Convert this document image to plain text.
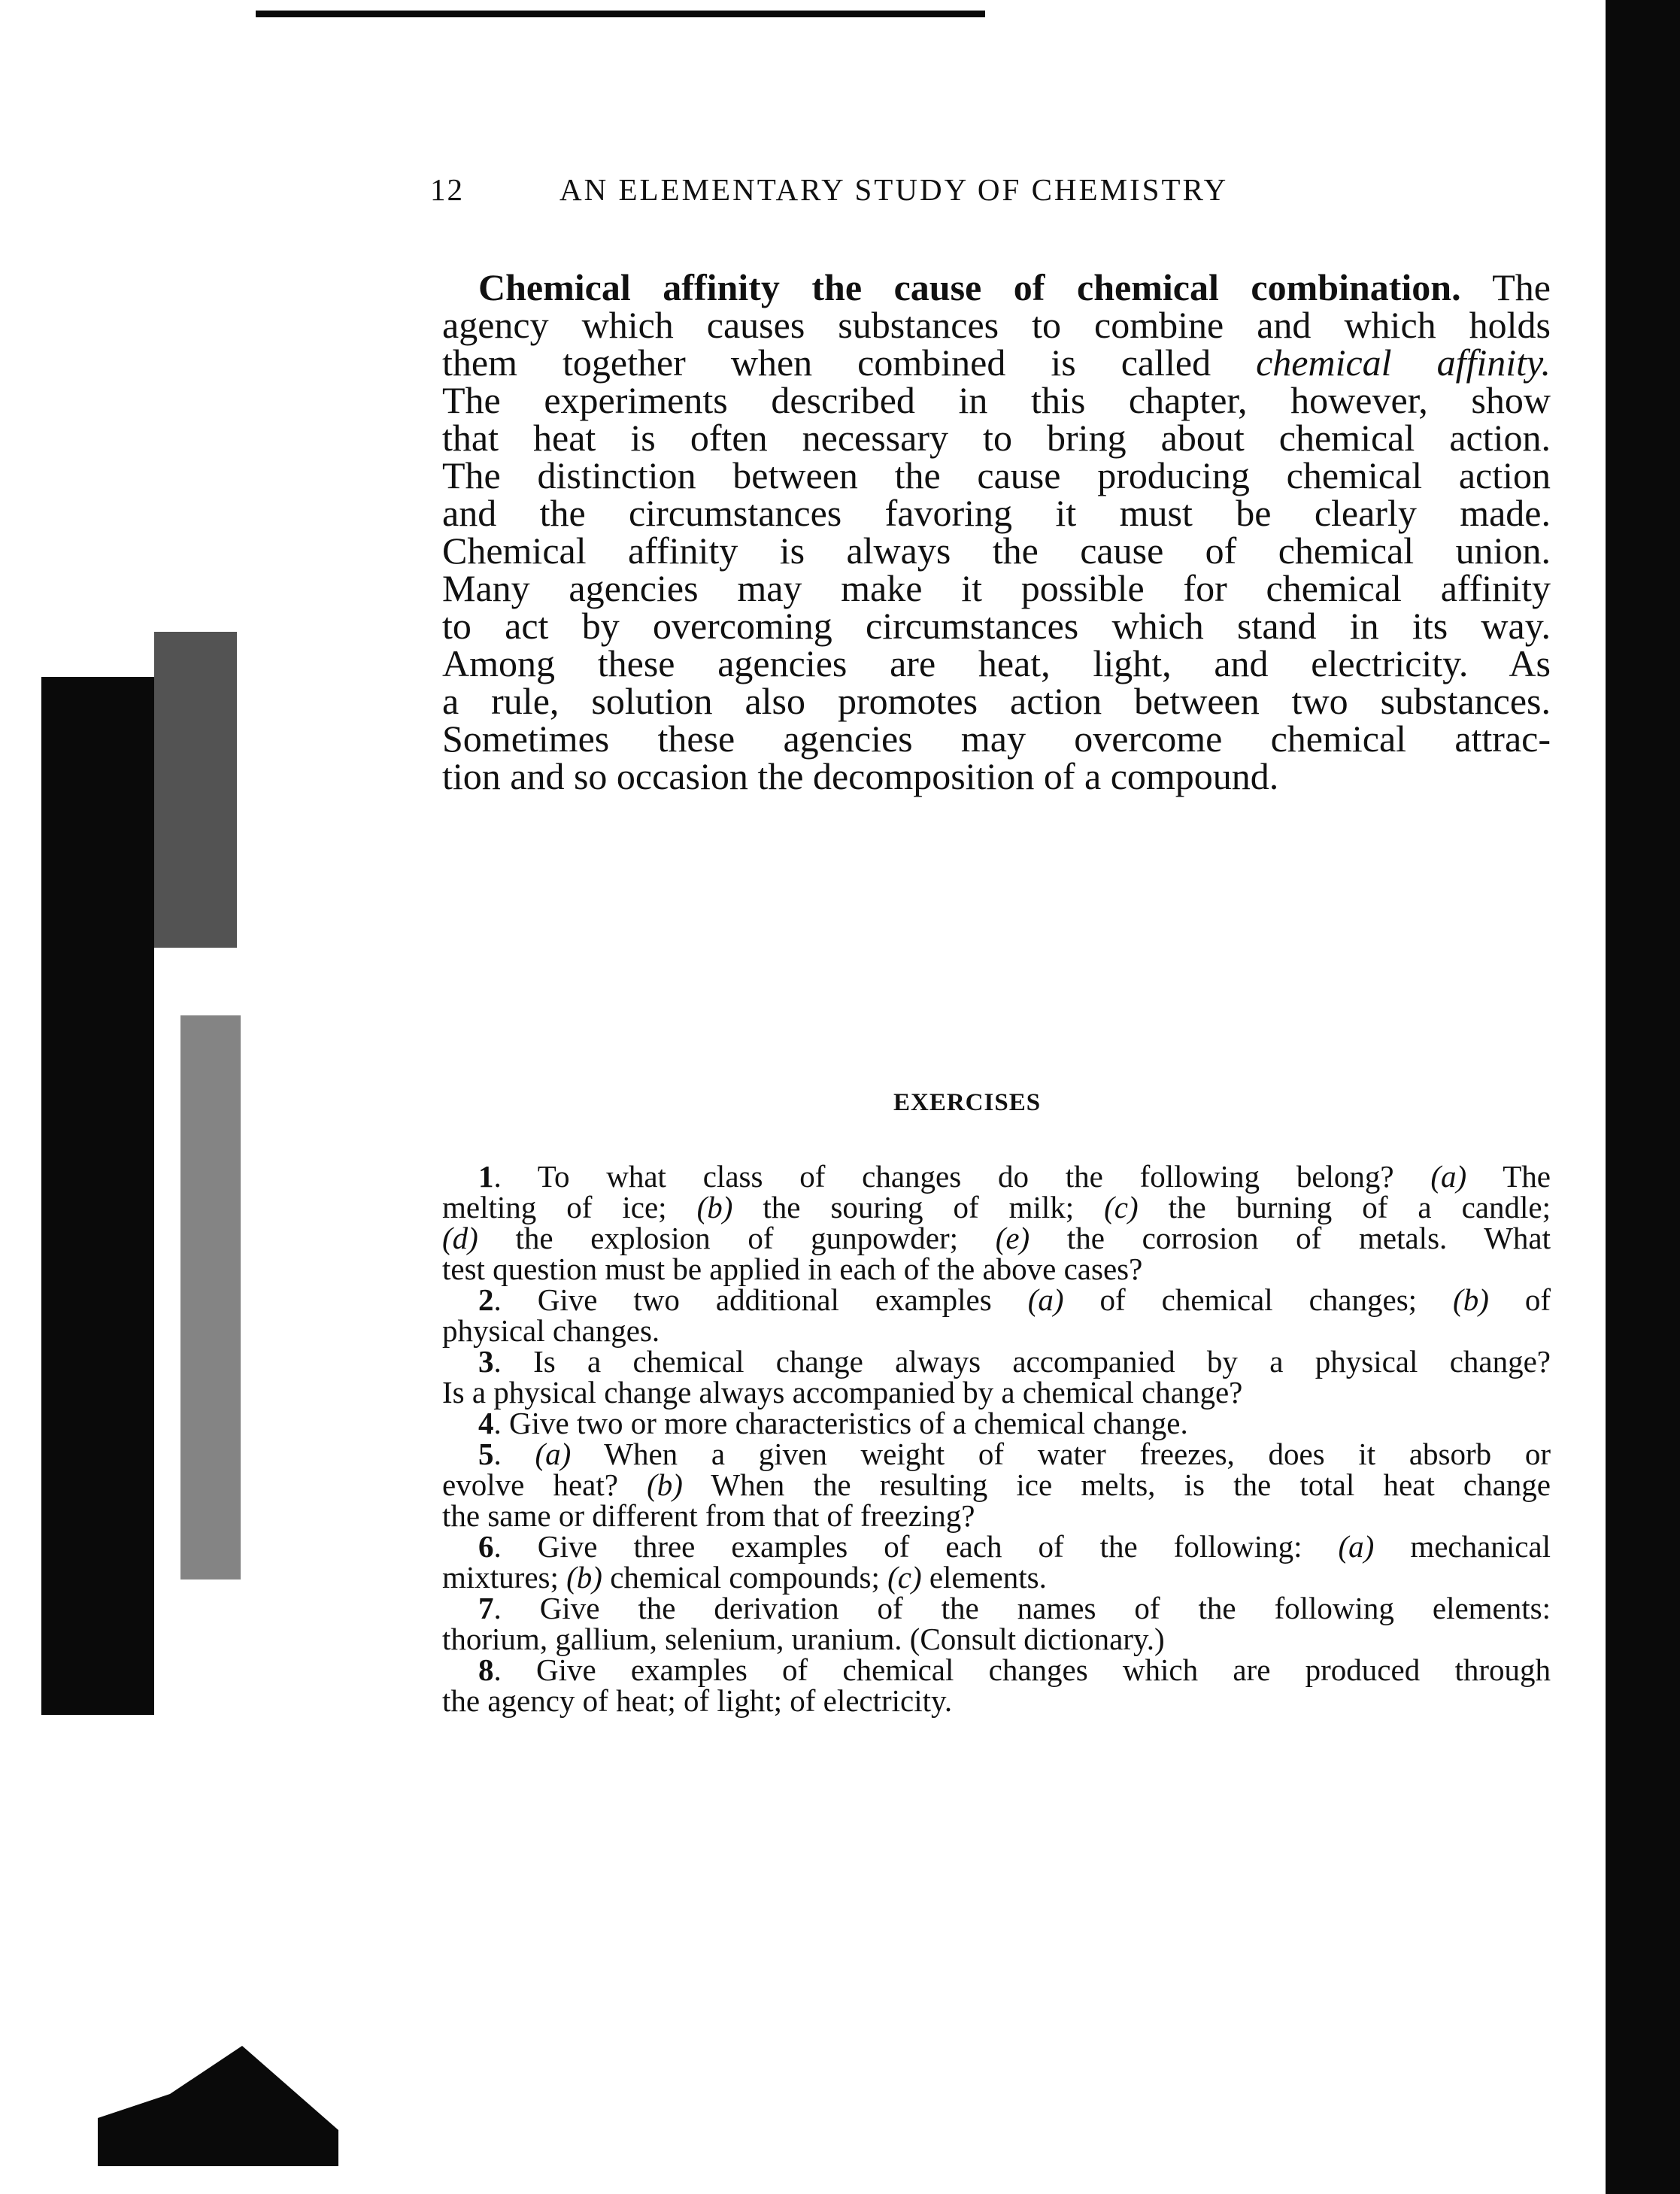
12	AN ELEMENTARY STUDY OF CHEMISTRY
Chemical affinity the cause of chemical combination. The
agency which causes substances to combine and which holds
them together when combined is called chemical affinity.
The experiments described in this chapter, however, show
that heat is often necessary to bring about chemical action.
The distinction between the cause producing chemical action
and the circumstances favoring it must be clearly made.
Chemical affinity is always the cause of chemical union.
Many agencies may make it possible for chemical affinity
to act by overcoming circumstances which stand in its way.
Among these agencies are heat, light, and electricity. As
a rule, solution also promotes action between two substances.
Sometimes these agencies may overcome chemical attrac-
tion and so occasion the decomposition of a compound.
EXERCISES
1. To what class of changes do the following belong? (a) The
melting of ice; (b) the souring of milk; (c) the burning of a candle;
(d) the explosion of gunpowder; (e) the corrosion of metals. What
test question must be applied in each of the above cases?
2. Give two additional examples (a) of chemical changes; (b) of
physical changes.
3. Is a chemical change always accompanied by a physical change?
Is a physical change always accompanied by a chemical change?
4. Give two or more characteristics of a chemical change.
5. (a) When a given weight of water freezes, does it absorb or
evolve heat? (b) When the resulting ice melts, is the total heat change
the same or different from that of freezing?
6. Give three examples of each of the following: (a) mechanical
mixtures; (b) chemical compounds; (c) elements.
7. Give the derivation of the names of the following elements:
thorium, gallium, selenium, uranium. (Consult dictionary.)
8. Give examples of chemical changes which are produced through
the agency of heat; of light; of electricity.
